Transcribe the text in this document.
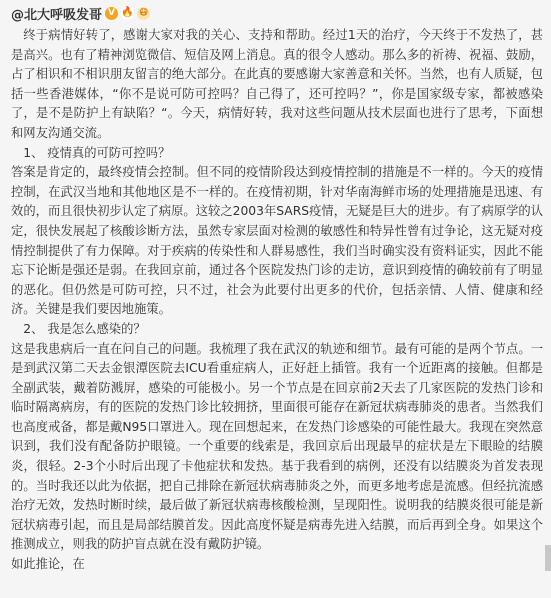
@北大呼吸发哥 V 🔥 😷

终于病情好转了，感谢大家对我的关心、支持和帮助。经过1天的治疗，今天终于不发热了，甚是高兴。也有了精神浏览微信、短信及网上消息。真的很令人感动。那么多的祈祷、祝福、鼓励，占了相识和不相识朋友留言的绝大部分。在此真的要感谢大家善意和关怀。当然，也有人质疑，包括一些香港媒体，“你不是说可防可控吗？自己得了，还可控吗？”，你是国家级专家，都被感染了，是不是防护上有缺陷？“。今天，病情好转，我对这些问题从技术层面也进行了思考，下面想和网友沟通交流。

1、 疫情真的可防可控吗？

答案是肯定的，最终疫情会控制。但不同的疫情阶段达到疫情控制的措施是不一样的。今天的疫情控制，在武汉当地和其他地区是不一样的。在疫情初期，针对华南海鲜市场的处理措施是迅速、有效的，而且很快初步认定了病原。这较之2003年SARS疫情，无疑是巨大的进步。有了病原学的认定，很快发展起了核酸诊断方法，虽然专家层面对检测的敏感性和特异性曾有过争论，这无疑对疫情控制提供了有力保障。对于疾病的传染性和人群易感性，我们当时确实没有资料证实，因此不能忘下论断是强还是弱。在我回京前，通过各个医院发热门诊的走访，意识到疫情的确较前有了明显的恶化。但仍然是可防可控，只不过，社会为此要付出更多的代价，包括亲情、人情、健康和经济。关键是我们要因地施策。

2、 我是怎么感染的？

这是我患病后一直在问自己的问题。我梳理了我在武汉的轨迹和细节。最有可能的是两个节点。一是到武汉第二天去金银潭医院去ICU看重症病人，正好赶上插管。我有一个近距离的接触。但都是全副武装，戴着防溅屏，感染的可能极小。另一个节点是在回京前2天去了几家医院的发热门诊和临时隔离病房，有的医院的发热门诊比较拥挤，里面很可能存在新冠状病毒肺炎的患者。当然我们也高度戒备，都是戴N95口罩进入。现在回想起来，在发热门诊感染的可能性最大。我现在突然意识到，我们没有配备防护眼镜。一个重要的线索是，我回京后出现最早的症状是左下眼睑的结膜炎，很轻。2-3个小时后出现了卡他症状和发热。基于我看到的病例，还没有以结膜炎为首发表现的。当时我还以此为依据，把自己排除在新冠状病毒肺炎之外，而更多地考虑是流感。但经抗流感治疗无效，发热时断时续，最后做了新冠状病毒核酸检测，呈现阳性。说明我的结膜炎很可能是新冠状病毒引起，而且是局部结膜首发。因此高度怀疑是病毒先进入结膜，而后再到全身。如果这个推测成立，则我的防护盲点就在没有戴防护镜。

如此推论，在
